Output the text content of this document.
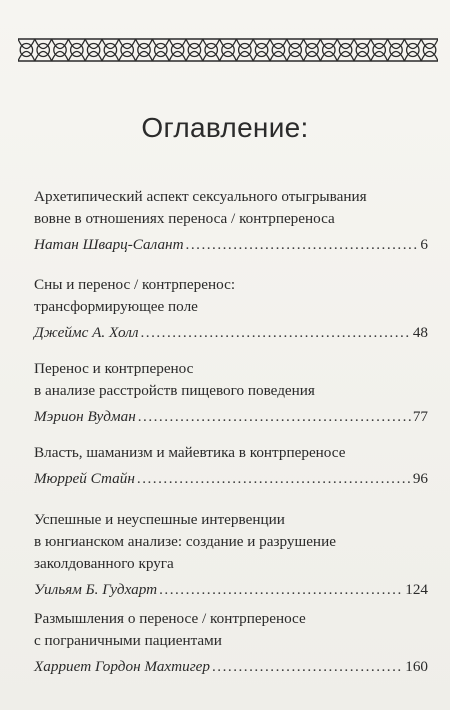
Оглавление:
Архетипический аспект сексуального отыгрывания
вовне в отношениях переноса / контрпереноса
Натан Шварц-Салант .....	6
Сны и перенос / контрперенос:
трансформирующее поле
Джеймс А. Холл .....	48
Перенос и контрперенос
в анализе расстройств пищевого поведения
Мэрион Вудман .....	77
Власть, шаманизм и майевтика в контрпереносе
Мюррей Стайн .....	96
Успешные и неуспешные интервенции
в юнгианском анализе: создание и разрушение
заколдованного круга
Уильям Б. Гудхарт .....	124
Размышления о переносе / контрпереносе
с пограничными пациентами
Харриет Гордон Махтигер .....	160
